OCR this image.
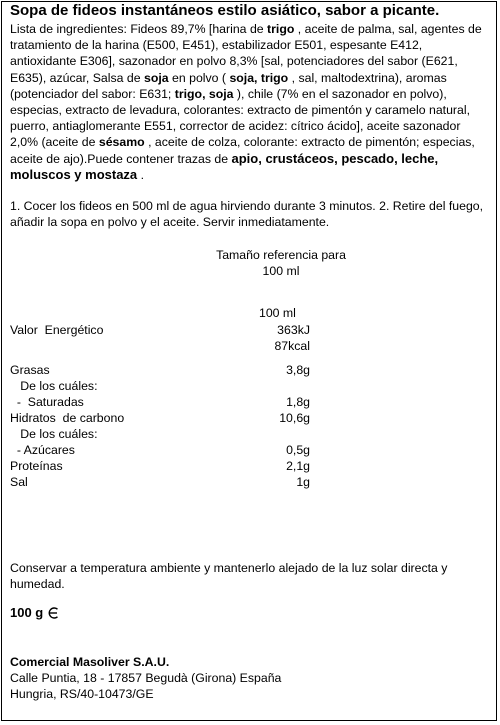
Sopa de fideos instantáneos estilo asiático, sabor a picante.
Lista de ingredientes: Fideos 89,7% [harina de trigo , aceite de palma, sal, agentes de tratamiento de la harina (E500, E451), estabilizador E501, espesante E412, antioxidante E306], sazonador en polvo 8,3% [sal, potenciadores del sabor (E621, E635), azúcar, Salsa de soja en polvo ( soja, trigo , sal, maltodextrina), aromas (potenciador del sabor: E631; trigo, soja ), chile (7% en el sazonador en polvo), especias, extracto de levadura, colorantes: extracto de pimentón y caramelo natural, puerro, antiaglomerante E551, corrector de acidez: cítrico ácido], aceite sazonador 2,0% (aceite de sésamo , aceite de colza, colorante: extracto de pimentón; especias, aceite de ajo).Puede contener trazas de apio, crustáceos, pescado, leche, moluscos y mostaza .
1. Cocer los fideos en 500 ml de agua hirviendo durante 3 minutos. 2. Retire del fuego, añadir la sopa en polvo y el aceite. Servir inmediatamente.
Tamaño referencia para
100 ml
100 ml
Valor  Energético	363kJ
87kcal
Grasas	3,8g
De los cuáles:
-  Saturadas	1,8g
Hidratos  de carbono	10,6g
De los cuáles:
- Azúcares	0,5g
Proteínas	2,1g
Sal	1g
Conservar a temperatura ambiente y mantenerlo alejado de la luz solar directa y humedad.
100 g
Comercial Masoliver S.A.U.
Calle Puntia, 18 - 17857 Begudà (Girona) España
Hungria, RS/40-10473/GE
